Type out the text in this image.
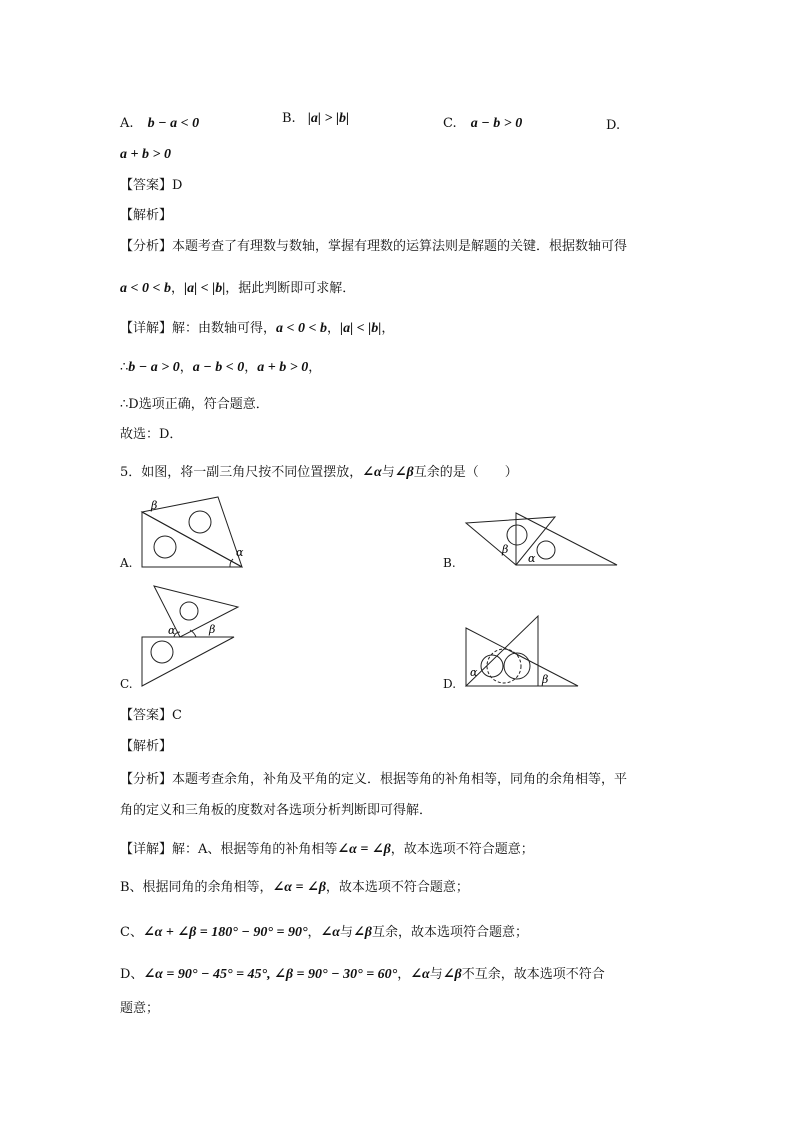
A. b − a < 0	B. |a| > |b|	C. a − b > 0	D.
a + b > 0
【答案】D
【解析】
【分析】本题考查了有理数与数轴，掌握有理数的运算法则是解题的关键．根据数轴可得
a < 0 < b，|a| < |b|，据此判断即可求解．
【详解】解：由数轴可得，a < 0 < b，|a| < |b|，
∴b − a > 0，a − b < 0，a + b > 0，
∴D选项正确，符合题意．
故选：D．
5．如图，将一副三角尺按不同位置摆放，∠α与∠β互余的是（　　）
A.
β
α
B.
β
α
C.
α	β
D.
α
β
【答案】C
【解析】
【分析】本题考查余角，补角及平角的定义．根据等角的补角相等，同角的余角相等，平
角的定义和三角板的度数对各选项分析判断即可得解．
【详解】解：A、根据等角的补角相等∠α = ∠β，故本选项不符合题意；
B、根据同角的余角相等，∠α = ∠β，故本选项不符合题意；
C、∠α + ∠β = 180° − 90° = 90°，∠α与∠β互余，故本选项符合题意；
D、∠α = 90° − 45° = 45°, ∠β = 90° − 30° = 60°，∠α与∠β不互余，故本选项不符合
题意；
